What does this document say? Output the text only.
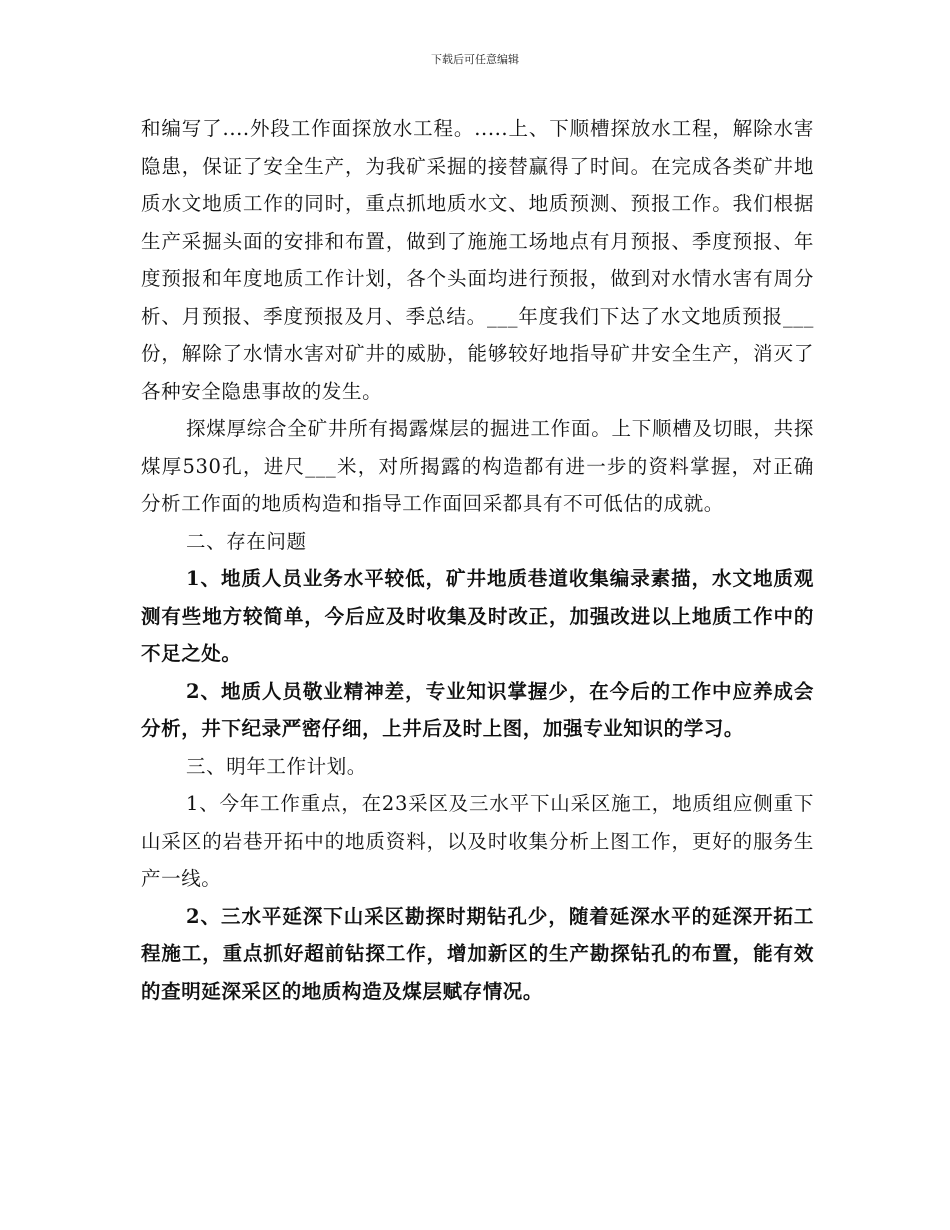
下载后可任意编辑

和编写了....外段工作面探放水工程。.....上、下顺槽探放水工程，解除水害隐患，保证了安全生产，为我矿采掘的接替赢得了时间。在完成各类矿井地质水文地质工作的同时，重点抓地质水文、地质预测、预报工作。我们根据生产采掘头面的安排和布置，做到了施施工场地点有月预报、季度预报、年度预报和年度地质工作计划，各个头面均进行预报，做到对水情水害有周分析、月预报、季度预报及月、季总结。___年度我们下达了水文地质预报___份，解除了水情水害对矿井的威胁，能够较好地指导矿井安全生产，消灭了各种安全隐患事故的发生。

探煤厚综合全矿井所有揭露煤层的掘进工作面。上下顺槽及切眼，共探煤厚530孔，进尺___米，对所揭露的构造都有进一步的资料掌握，对正确分析工作面的地质构造和指导工作面回采都具有不可低估的成就。

二、存在问题

1、地质人员业务水平较低，矿井地质巷道收集编录素描，水文地质观测有些地方较简单，今后应及时收集及时改正，加强改进以上地质工作中的不足之处。

2、地质人员敬业精神差，专业知识掌握少，在今后的工作中应养成会分析，井下纪录严密仔细，上井后及时上图，加强专业知识的学习。

三、明年工作计划。

1、今年工作重点，在23采区及三水平下山采区施工，地质组应侧重下山采区的岩巷开拓中的地质资料，以及时收集分析上图工作，更好的服务生产一线。

2、三水平延深下山采区勘探时期钻孔少，随着延深水平的延深开拓工程施工，重点抓好超前钻探工作，增加新区的生产勘探钻孔的布置，能有效的查明延深采区的地质构造及煤层赋存情况。
